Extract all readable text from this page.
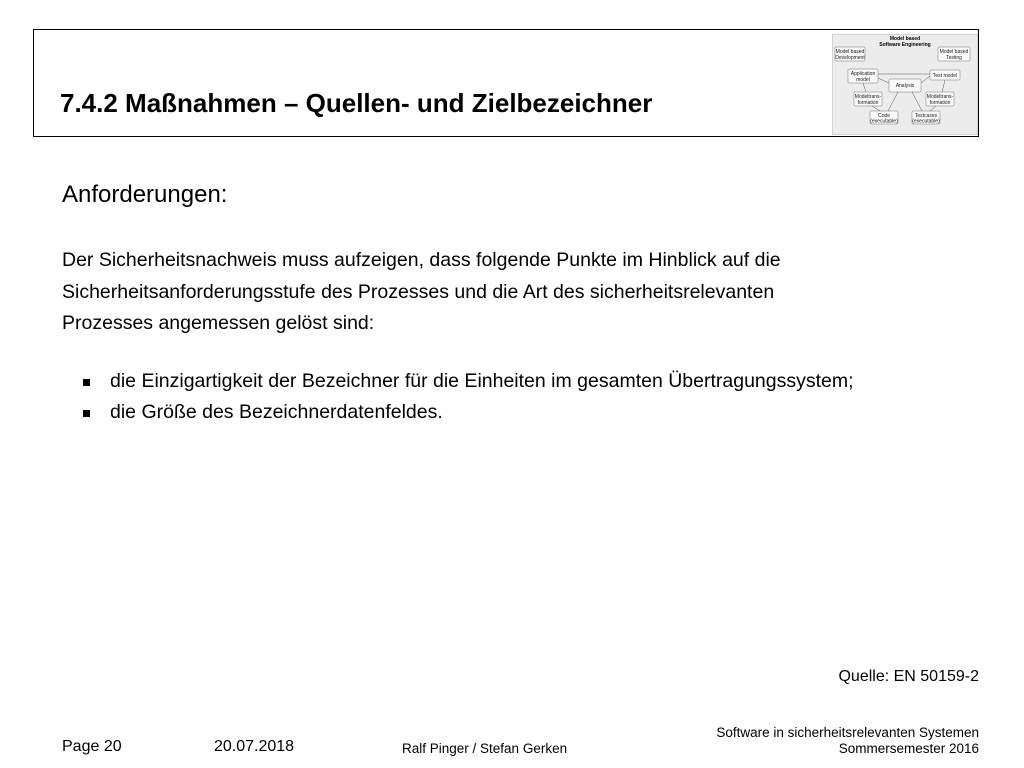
7.4.2 Maßnahmen – Quellen- und Zielbezeichner
Model based
Software Engineering
Model based
Development
Model based
Testing
Application
model
Test model
Analysis
Modeltrans-
formation
Modeltrans-
formation
Code
(executable)
Testcases
(executable)
Anforderungen:
Der Sicherheitsnachweis muss aufzeigen, dass folgende Punkte im Hinblick auf die
Sicherheitsanforderungsstufe des Prozesses und die Art des sicherheitsrelevanten
Prozesses angemessen gelöst sind:
die Einzigartigkeit der Bezeichner für die Einheiten im gesamten Übertragungssystem;
die Größe des Bezeichnerdatenfeldes.
Quelle: EN 50159-2
Page 20	20.07.2018	Ralf Pinger / Stefan Gerken
Software in sicherheitsrelevanten Systemen
Sommersemester 2016
